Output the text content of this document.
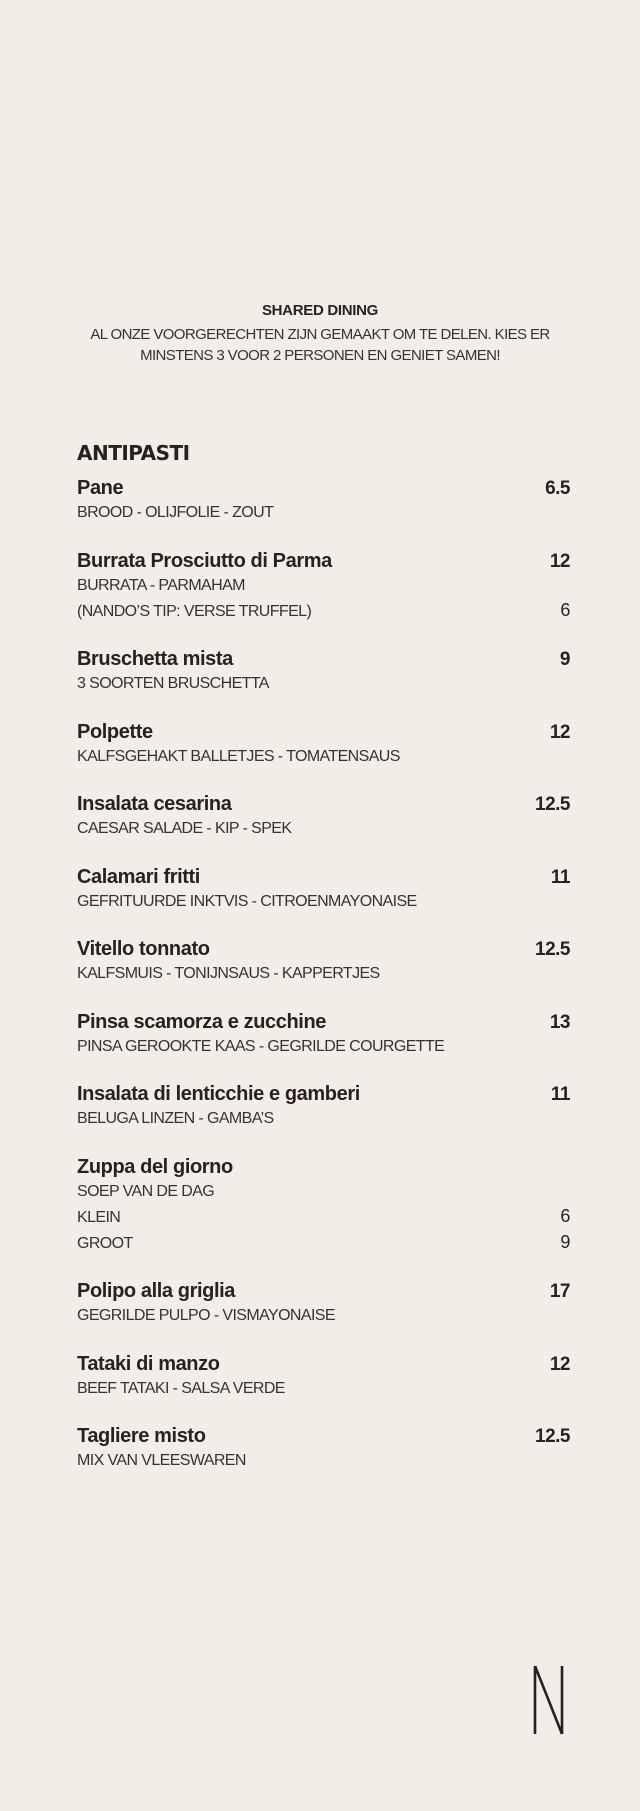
SHARED DINING
AL ONZE VOORGERECHTEN ZIJN GEMAAKT OM TE DELEN. KIES ER MINSTENS 3 VOOR 2 PERSONEN EN GENIET SAMEN!
ANTIPASTI
Pane	6.5
BROOD - OLIJFOLIE - ZOUT
Burrata Prosciutto di Parma	12
BURRATA - PARMAHAM
(NANDO’S TIP: VERSE TRUFFEL)	6
Bruschetta mista	9
3 SOORTEN BRUSCHETTA
Polpette	12
KALFSGEHAKT BALLETJES - TOMATENSAUS
Insalata cesarina	12.5
CAESAR SALADE - KIP - SPEK
Calamari fritti	11
GEFRITUURDE INKTVIS - CITROENMAYONAISE
Vitello tonnato	12.5
KALFSMUIS - TONIJNSAUS - KAPPERTJES
Pinsa scamorza e zucchine	13
PINSA GEROOKTE KAAS - GEGRILDE COURGETTE
Insalata di lenticchie e gamberi	11
BELUGA LINZEN - GAMBA’S
Zuppa del giorno
SOEP VAN DE DAG
KLEIN	6
GROOT	9
Polipo alla griglia	17
GEGRILDE PULPO - VISMAYONAISE
Tataki di manzo	12
BEEF TATAKI - SALSA VERDE
Tagliere misto	12.5
MIX VAN VLEESWAREN
